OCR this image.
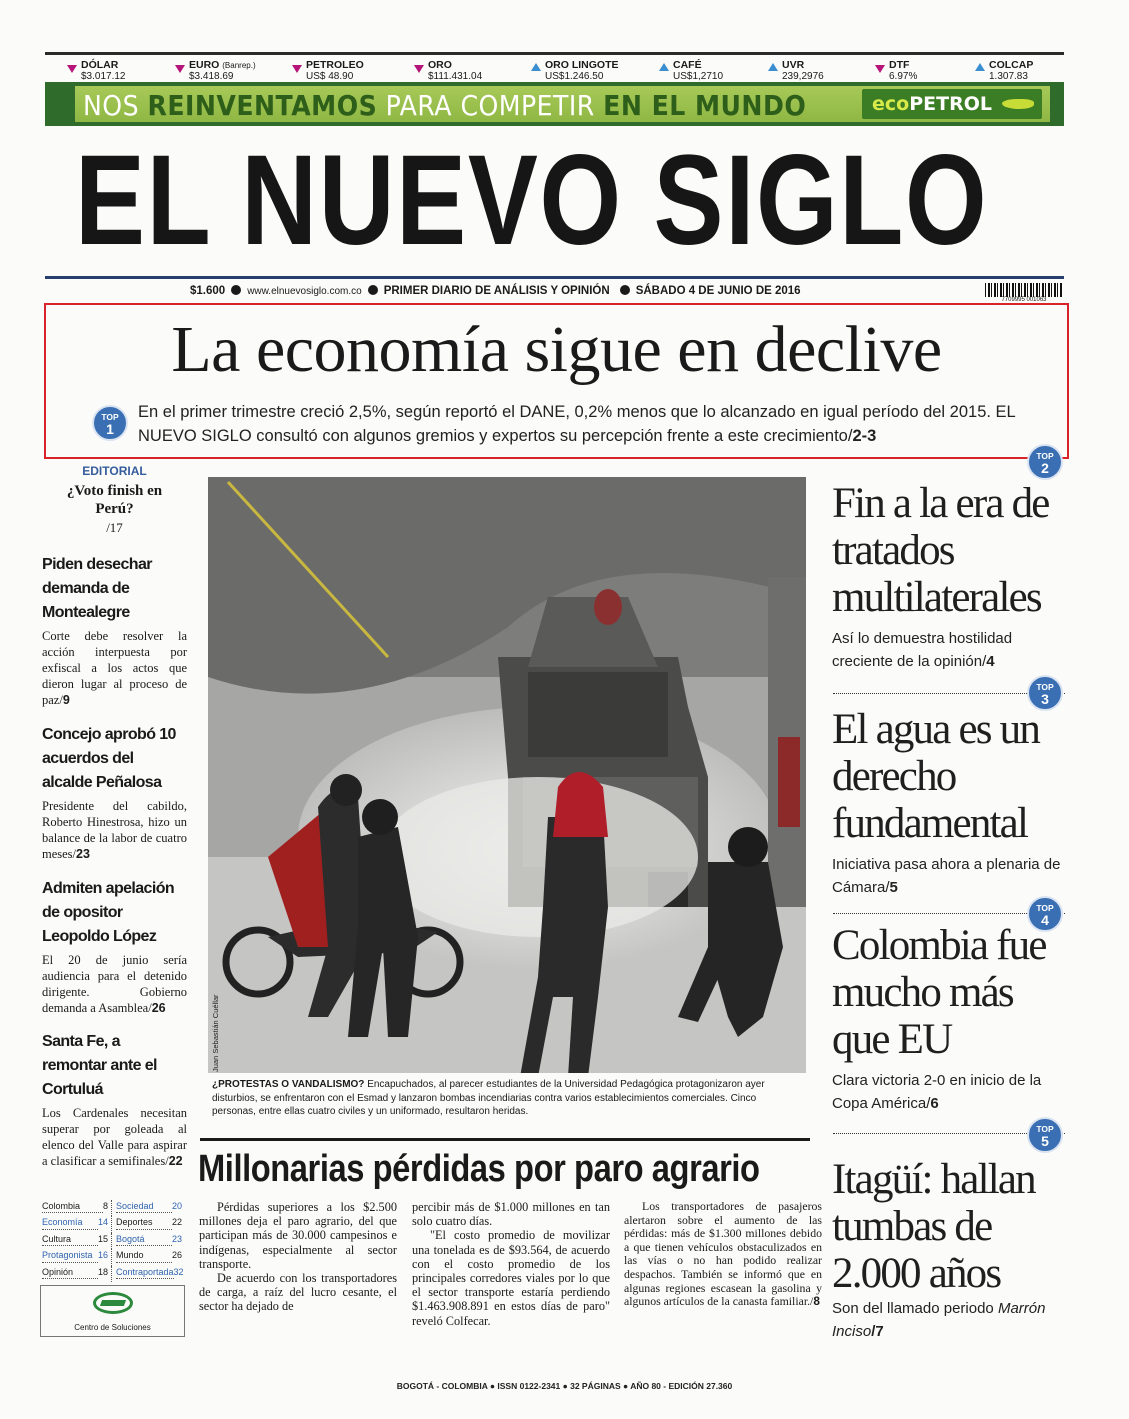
DÓLAR
$3.017.12
EURO (Banrep.)
$3.418.69
PETROLEO
US$ 48.90
ORO
$111.431.04
ORO LINGOTE
US$1.246.50
CAFÉ
US$1,2710
UVR
239,2976
DTF
6.97%
COLCAP
1.307.83
NOS REINVENTAMOS PARA COMPETIR EN EL MUNDO	ecoPETROL
EL NUEVO SIGLO
$1.600 www.elnuevosiglo.com.co PRIMER DIARIO DE ANÁLISIS Y OPINIÓN SÁBADO 4 DE JUNIO DE 2016
7709995 001063
La economía sigue en declive
TOP
1
En el primer trimestre creció 2,5%, según reportó el DANE, 0,2% menos que lo alcanzado en igual período del 2015. EL NUEVO SIGLO consultó con algunos gremios y expertos su percepción frente a este crecimiento/2-3
EDITORIAL
¿Voto finish en Perú?
/17
Piden desechar demanda de Montealegre

Corte debe resolver la acción interpuesta por exfiscal a los actos que dieron lugar al proceso de paz/9

Concejo aprobó 10 acuerdos del alcalde Peñalosa

Presidente del cabildo, Roberto Hinestrosa, hizo un balance de la labor de cuatro meses/23

Admiten apelación de opositor Leopoldo López

El 20 de junio sería audiencia para el detenido dirigente. Gobierno demanda a Asamblea/26

Santa Fe, a remontar ante el Cortuluá

Los Cardenales necesitan superar por goleada al elenco del Valle para aspirar a clasificar a semifinales/22

Colombia	8 Sociedad	20
Economía	14 Deportes	22
Cultura	15 Bogotá	23
Protagonista 16 Mundo	26
Opinión	18 Contraportada 32
Centro de Soluciones
Juan Sebastián Cuéllar
¿PROTESTAS O VANDALISMO? Encapuchados, al parecer estudiantes de la Universidad Pedagógica protagonizaron ayer disturbios, se enfrentaron con el Esmad y lanzaron bombas incendiarias contra varios establecimientos comerciales. Cinco personas, entre ellas cuatro civiles y un uniformado, resultaron heridas.
Millonarias pérdidas por paro agrario

Pérdidas superiores a los $2.500 millones deja el paro agrario, del que participan más de 30.000 campesinos e indígenas, especialmente al sector transporte.

De acuerdo con los transportadores de carga, a raíz del lucro cesante, el sector ha dejado de

percibir más de $1.000 millones en tan solo cuatro días.

"El costo promedio de movilizar una tonelada es de $93.564, de acuerdo con el costo promedio de los principales corredores viales por lo que el sector transporte estaría perdiendo $1.463.908.891 en estos días de paro" reveló Colfecar.

Los transportadores de pasajeros alertaron sobre el aumento de las pérdidas: más de $1.300 millones debido a que tienen vehículos obstaculizados en las vías o no han podido realizar despachos. También se informó que en algunas regiones escasean la gasolina y algunos artículos de la canasta familiar./8

TOP
2
Fin a la era de tratados multilaterales

Así lo demuestra hostilidad creciente de la opinión/4

TOP
3
El agua es un derecho fundamental

Iniciativa pasa ahora a plenaria de Cámara/5

TOP
4
Colombia fue mucho más que EU

Clara victoria 2-0 en inicio de la Copa América/6

TOP
5
Itagüí: hallan tumbas de 2.000 años

Son del llamado periodo Marrón Inciso/7

BOGOTÁ - COLOMBIA ● ISSN 0122-2341 ● 32 PÁGINAS ● AÑO 80 - EDICIÓN 27.360
